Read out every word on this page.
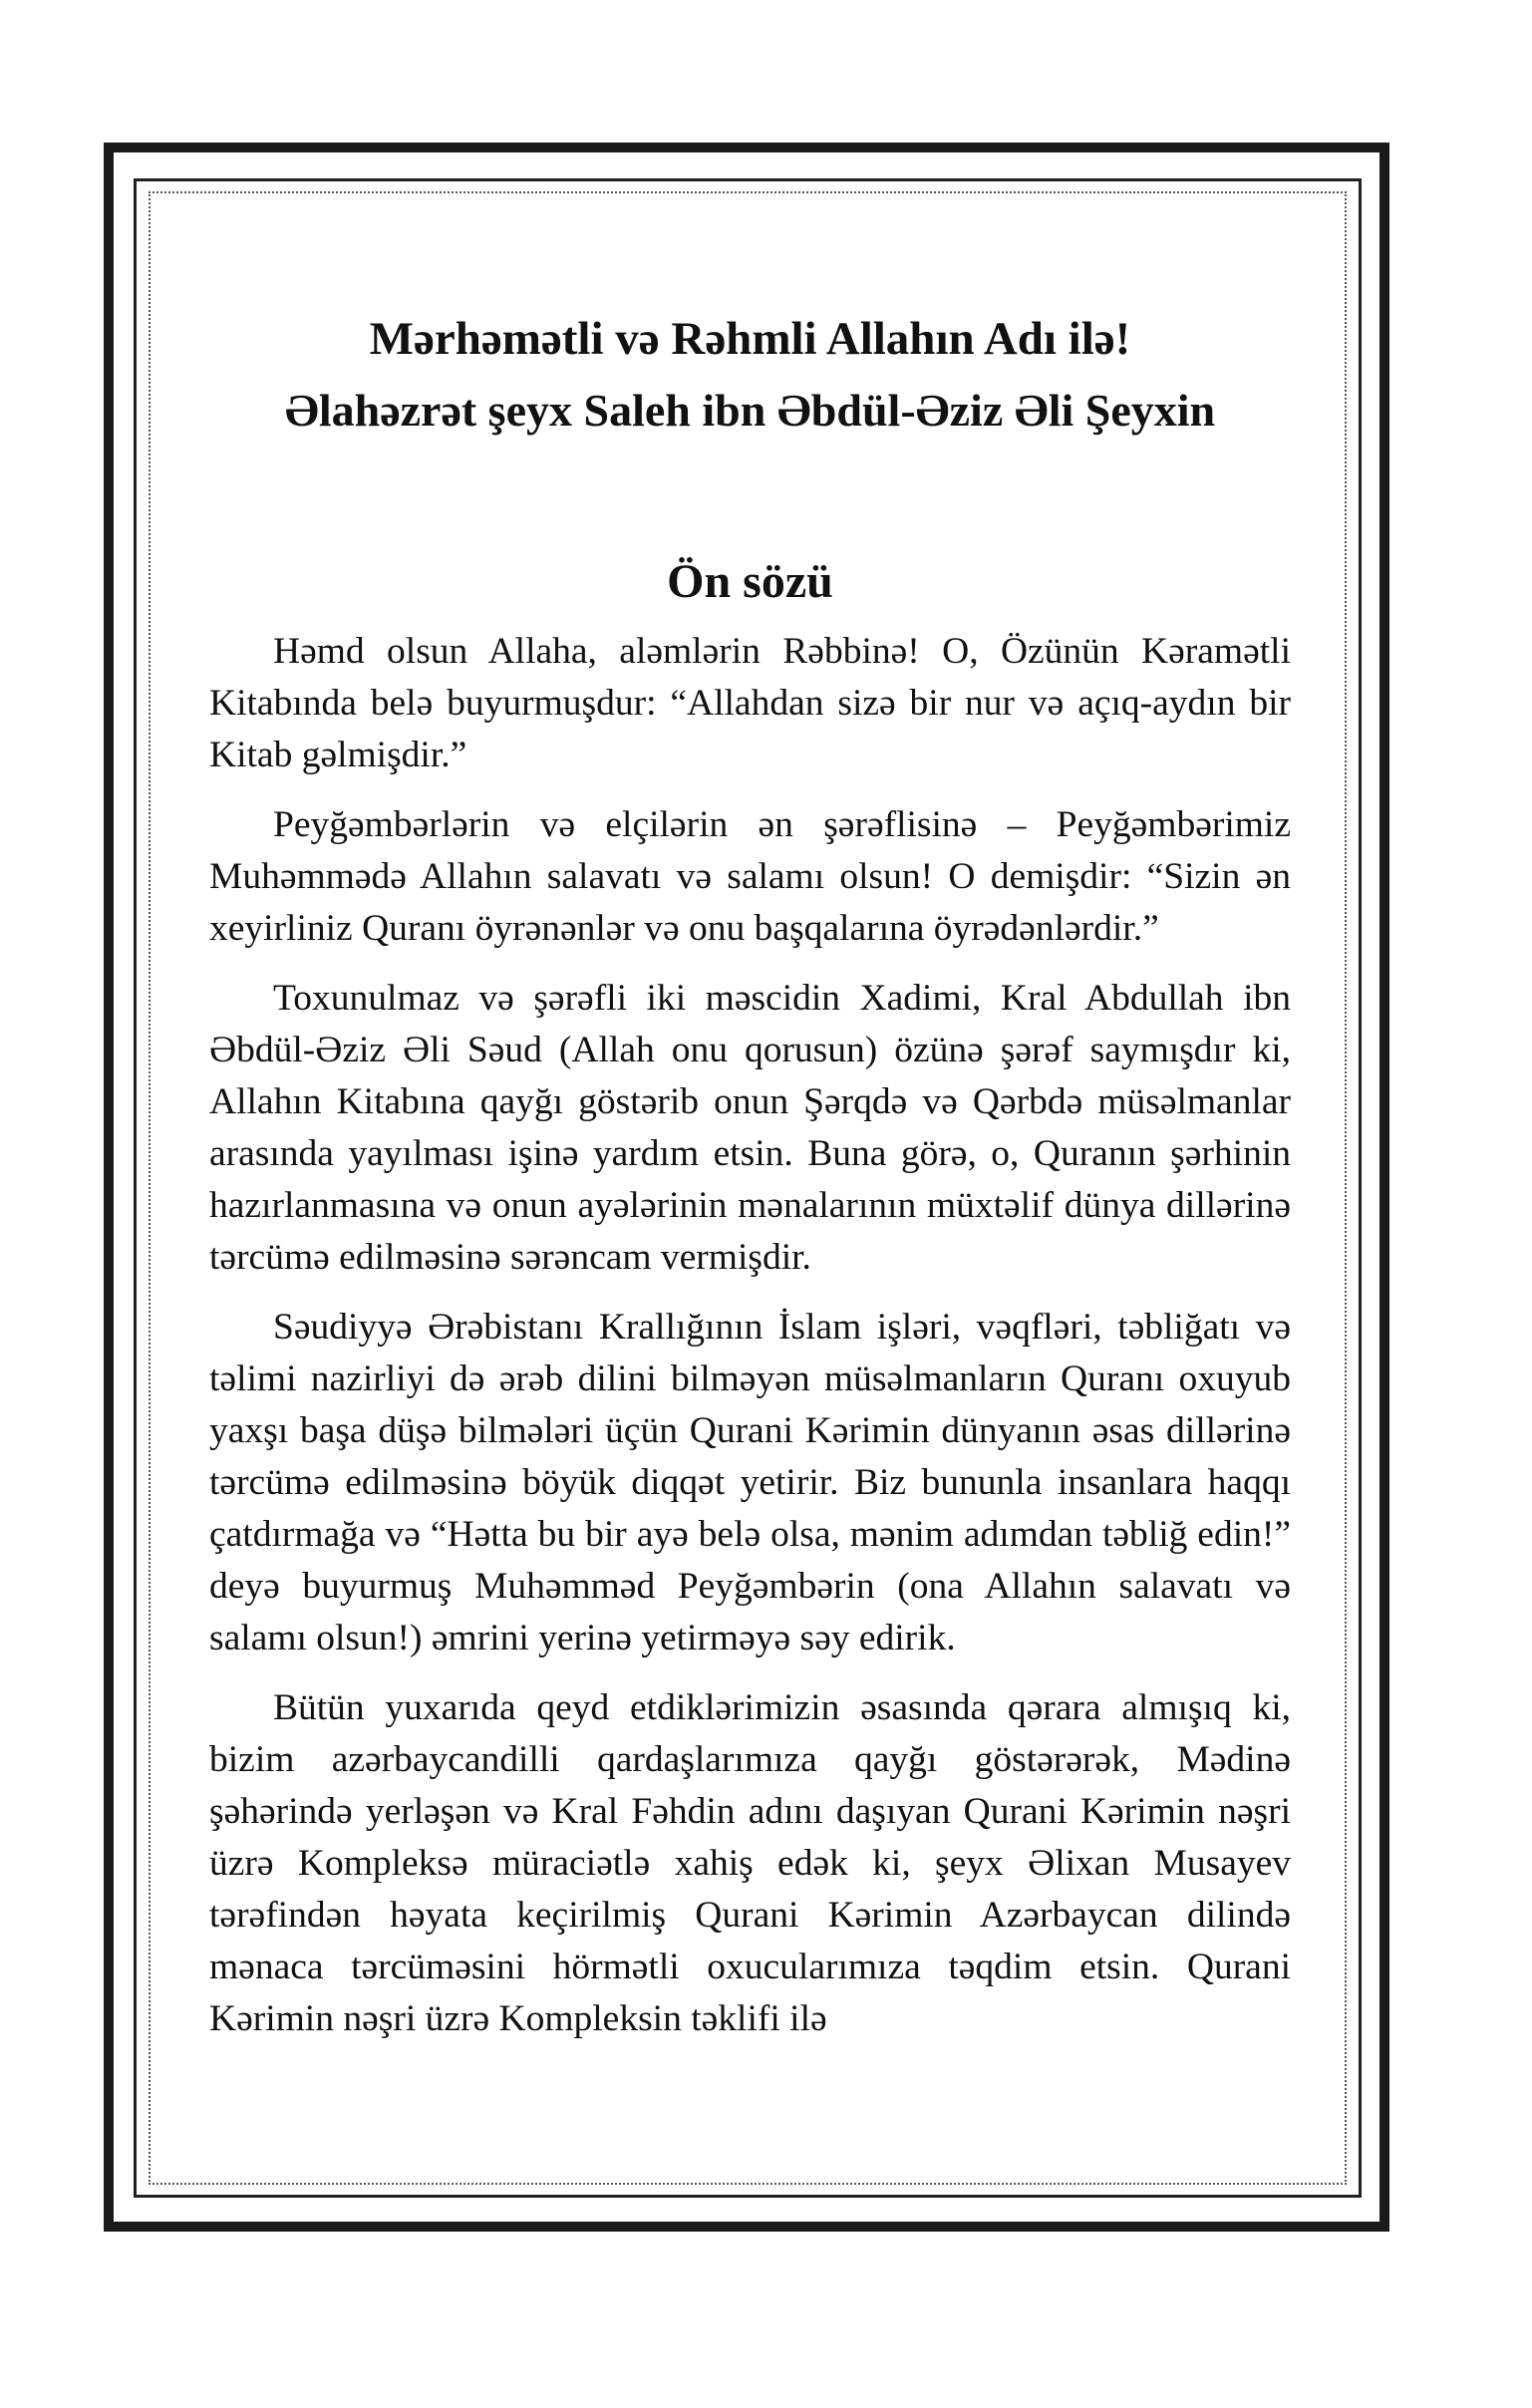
Mərhəmətli və Rəhmli Allahın Adı ilə!
Əlahəzrət şeyx Saleh ibn Əbdül-Əziz Əli Şeyxin
Ön sözü

Həmd olsun Allaha, aləmlərin Rəbbinə! O, Özünün Kəramətli Kitabında belə buyurmuşdur: “Allahdan sizə bir nur və açıq-aydın bir Kitab gəlmişdir.”

Peyğəmbərlərin və elçilərin ən şərəflisinə – Peyğəmbərimiz Muhəmmədə Allahın salavatı və salamı olsun! O demişdir: “Sizin ən xeyirliniz Quranı öyrənənlər və onu başqalarına öyrədənlərdir.”

Toxunulmaz və şərəfli iki məscidin Xadimi, Kral Abdullah ibn Əbdül-Əziz Əli Səud (Allah onu qorusun) özünə şərəf saymışdır ki, Allahın Kitabına qayğı göstərib onun Şərqdə və Qərbdə müsəlmanlar arasında yayılması işinə yardım etsin. Buna görə, o, Quranın şərhinin hazırlanmasına və onun ayələrinin mənalarının müxtəlif dünya dillərinə tərcümə edilməsinə sərəncam vermişdir.

Səudiyyə Ərəbistanı Krallığının İslam işləri, vəqfləri, təbliğatı və təlimi nazirliyi də ərəb dilini bilməyən müsəlmanların Quranı oxuyub yaxşı başa düşə bilmələri üçün Qurani Kərimin dünyanın əsas dillərinə tərcümə edilməsinə böyük diqqət yetirir. Biz bununla insanlara haqqı çatdırmağa və “Hətta bu bir ayə belə olsa, mənim adımdan təbliğ edin!” deyə buyurmuş Muhəmməd Peyğəmbərin (ona Allahın salavatı və salamı olsun!) əmrini yerinə yetirməyə səy edirik.

Bütün yuxarıda qeyd etdiklərimizin əsasında qərara almışıq ki, bizim azərbaycandilli qardaşlarımıza qayğı göstərərək, Mədinə şəhərində yerləşən və Kral Fəhdin adını daşıyan Qurani Kərimin nəşri üzrə Kompleksə müraciətlə xahiş edək ki, şeyx Əlixan Musayev tərəfindən həyata keçirilmiş Qurani Kərimin Azərbaycan dilində mənaca tərcüməsini hörmətli oxucularımıza təqdim etsin. Qurani Kərimin nəşri üzrə Kompleksin təklifi ilə
